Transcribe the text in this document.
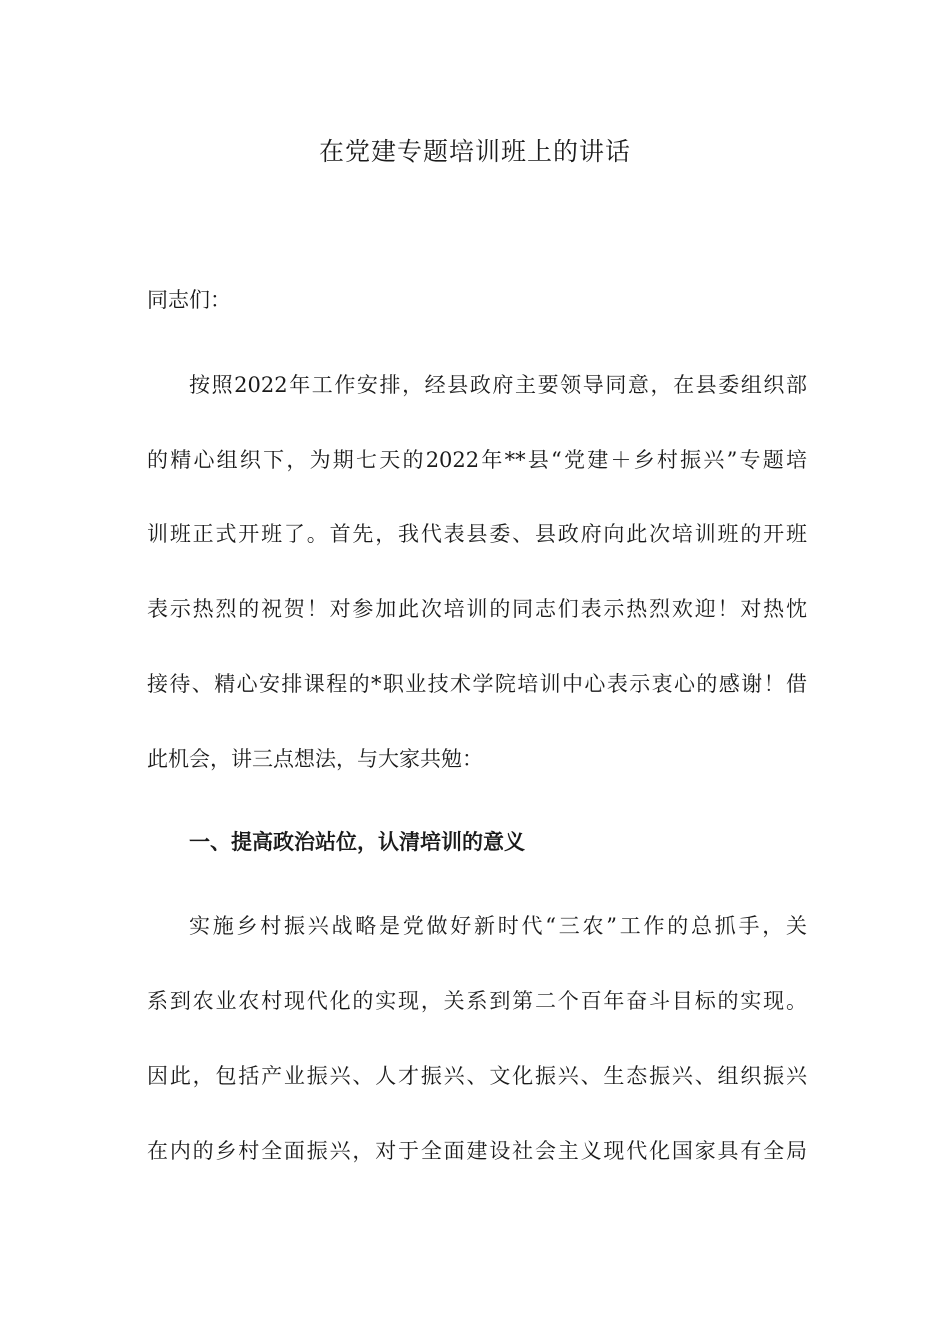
在党建专题培训班上的讲话
同志们：
按照2022年工作安排，经县政府主要领导同意，在县委组织部
的精心组织下，为期七天的2022年**县“党建＋乡村振兴”专题培
训班正式开班了。首先，我代表县委、县政府向此次培训班的开班
表示热烈的祝贺！对参加此次培训的同志们表示热烈欢迎！对热忱
接待、精心安排课程的*职业技术学院培训中心表示衷心的感谢！借
此机会，讲三点想法，与大家共勉：
一、提高政治站位，认清培训的意义
实施乡村振兴战略是党做好新时代“三农”工作的总抓手，关
系到农业农村现代化的实现，关系到第二个百年奋斗目标的实现。
因此，包括产业振兴、人才振兴、文化振兴、生态振兴、组织振兴
在内的乡村全面振兴，对于全面建设社会主义现代化国家具有全局
